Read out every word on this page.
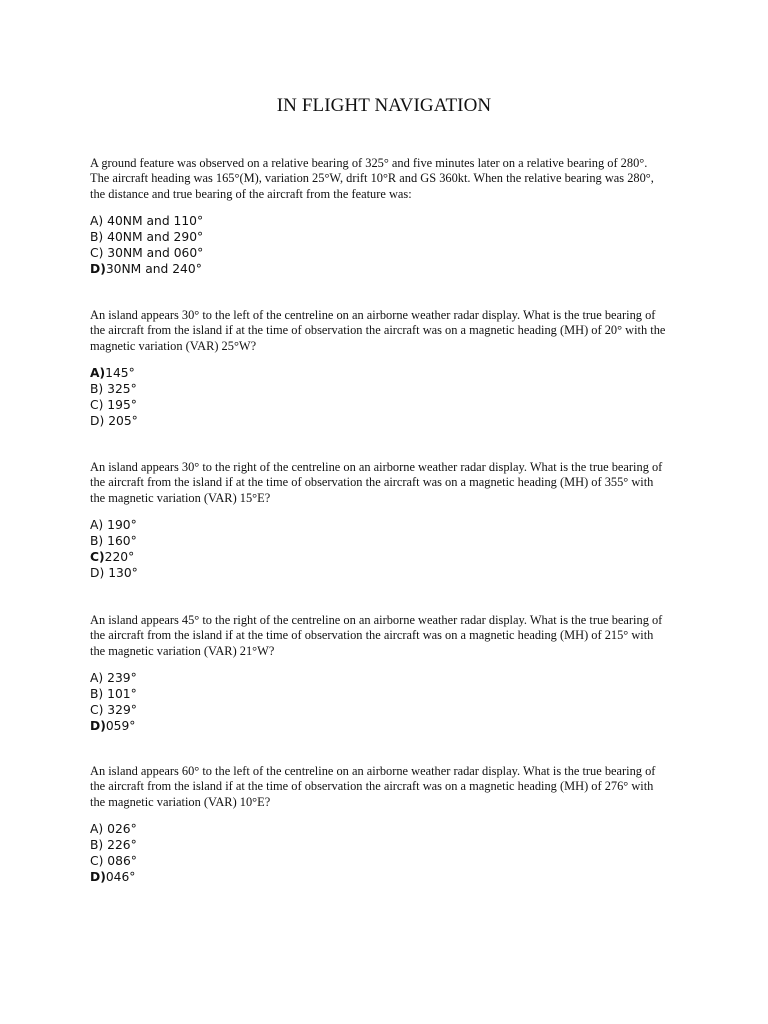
IN FLIGHT NAVIGATION
A ground feature was observed on a relative bearing of 325° and five minutes later on a relative bearing of 280°.
The aircraft heading was 165°(M), variation 25°W, drift 10°R and GS 360kt. When the relative bearing was 280°,
the distance and true bearing of the aircraft from the feature was:
A) 40NM and 110°
B) 40NM and 290°
C) 30NM and 060°
D)30NM and 240°
An island appears 30° to the left of the centreline on an airborne weather radar display. What is the true bearing of
the aircraft from the island if at the time of observation the aircraft was on a magnetic heading (MH) of 20° with the
magnetic variation (VAR) 25°W?
A)145°
B) 325°
C) 195°
D) 205°
An island appears 30° to the right of the centreline on an airborne weather radar display. What is the true bearing of
the aircraft from the island if at the time of observation the aircraft was on a magnetic heading (MH) of 355° with
the magnetic variation (VAR) 15°E?
A) 190°
B) 160°
C)220°
D) 130°
An island appears 45° to the right of the centreline on an airborne weather radar display. What is the true bearing of
the aircraft from the island if at the time of observation the aircraft was on a magnetic heading (MH) of 215° with
the magnetic variation (VAR) 21°W?
A) 239°
B) 101°
C) 329°
D)059°
An island appears 60° to the left of the centreline on an airborne weather radar display. What is the true bearing of
the aircraft from the island if at the time of observation the aircraft was on a magnetic heading (MH) of 276° with
the magnetic variation (VAR) 10°E?
A) 026°
B) 226°
C) 086°
D)046°
